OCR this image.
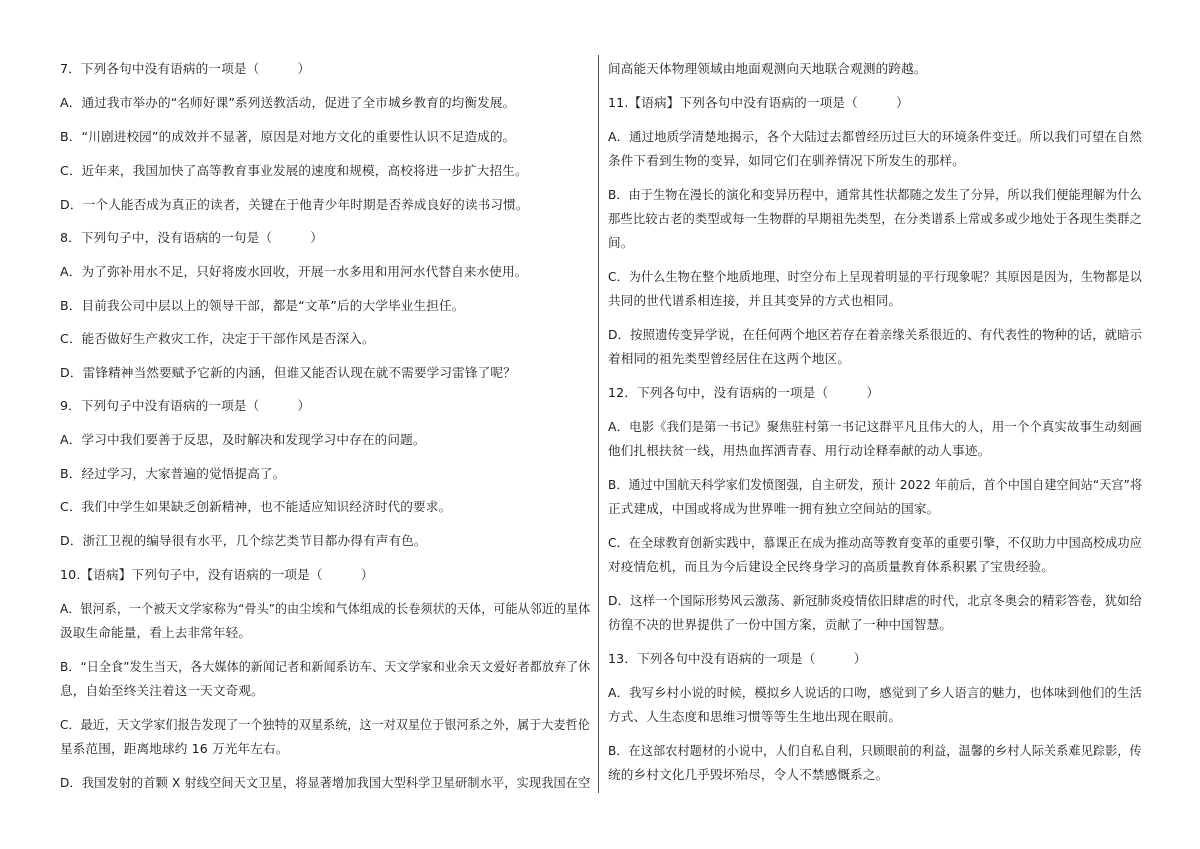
7．下列各句中没有语病的一项是（　　　）
A．通过我市举办的“名师好课”系列送教活动，促进了全市城乡教育的均衡发展。
B．“川剧进校园”的成效并不显著，原因是对地方文化的重要性认识不足造成的。
C．近年来，我国加快了高等教育事业发展的速度和规模，高校将进一步扩大招生。
D．一个人能否成为真正的读者，关键在于他青少年时期是否养成良好的读书习惯。
8．下列句子中，没有语病的一句是（　　　）
A．为了弥补用水不足，只好将废水回收，开展一水多用和用河水代替自来水使用。
B．目前我公司中层以上的领导干部，都是“文革”后的大学毕业生担任。
C．能否做好生产救灾工作，决定于干部作风是否深入。
D．雷锋精神当然要赋予它新的内涵，但谁又能否认现在就不需要学习雷锋了呢？
9．下列句子中没有语病的一项是（　　　）
A．学习中我们要善于反思，及时解决和发现学习中存在的问题。
B．经过学习，大家普遍的觉悟提高了。
C．我们中学生如果缺乏创新精神，也不能适应知识经济时代的要求。
D．浙江卫视的编导很有水平，几个综艺类节目都办得有声有色。
10.【语病】下列句子中，没有语病的一项是（　　　）
A．银河系，一个被天文学家称为“骨头”的由尘埃和气体组成的长卷须状的天体，可能从邻近的星体
汲取生命能量，看上去非常年轻。
B．“日全食”发生当天，各大媒体的新闻记者和新闻系访车、天文学家和业余天文爱好者都放弃了休
息，自始至终关注着这一天文奇观。
C．最近，天文学家们报告发现了一个独特的双星系统，这一对双星位于银河系之外，属于大麦哲伦
星系范围，距离地球约 16 万光年左右。
D．我国发射的首颗 X 射线空间天文卫星，将显著增加我国大型科学卫星研制水平，实现我国在空
间高能天体物理领域由地面观测向天地联合观测的跨越。
11.【语病】下列各句中没有语病的一项是（　　　）
A．通过地质学清楚地揭示，各个大陆过去都曾经历过巨大的环境条件变迁。所以我们可望在自然
条件下看到生物的变异，如同它们在驯养情况下所发生的那样。
B．由于生物在漫长的演化和变异历程中，通常其性状都随之发生了分异，所以我们便能理解为什么
那些比较古老的类型或每一生物群的早期祖先类型，在分类谱系上常或多或少地处于各现生类群之
间。
C．为什么生物在整个地质地理、时空分布上呈现着明显的平行现象呢？其原因是因为，生物都是以
共同的世代谱系相连接，并且其变异的方式也相同。
D．按照遗传变异学说，在任何两个地区若存在着亲缘关系很近的、有代表性的物种的话，就暗示
着相同的祖先类型曾经居住在这两个地区。
12．下列各句中，没有语病的一项是（　　　）
A．电影《我们是第一书记》聚焦驻村第一书记这群平凡且伟大的人，用一个个真实故事生动刻画
他们扎根扶贫一线，用热血挥洒青春、用行动诠释奉献的动人事迹。
B．通过中国航天科学家们发愤图强，自主研发，预计 2022 年前后，首个中国自建空间站“天宫”将
正式建成，中国或将成为世界唯一拥有独立空间站的国家。
C．在全球教育创新实践中，慕课正在成为推动高等教育变革的重要引擎，不仅助力中国高校成功应
对疫情危机，而且为今后建设全民终身学习的高质量教育体系积累了宝贵经验。
D．这样一个国际形势风云激荡、新冠肺炎疫情依旧肆虐的时代，北京冬奥会的精彩答卷，犹如给
彷徨不决的世界提供了一份中国方案，贡献了一种中国智慧。
13．下列各句中没有语病的一项是（　　　）
A．我写乡村小说的时候，模拟乡人说话的口吻，感觉到了乡人语言的魅力，也体味到他们的生活
方式、人生态度和思维习惯等等生生地出现在眼前。
B．在这部农村题材的小说中，人们自私自利，只顾眼前的利益，温馨的乡村人际关系难见踪影，传
统的乡村文化几乎毁坏殆尽，令人不禁感慨系之。
